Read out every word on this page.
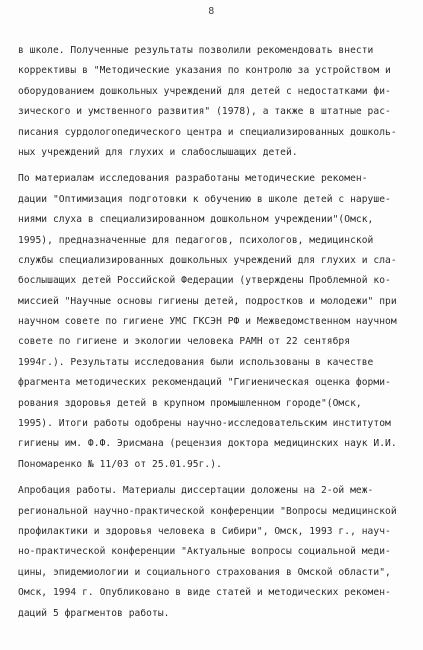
8
в школе. Полученные результаты позволили рекомендовать внести
коррективы в "Методические указания по контролю за устройством и
оборудованием дошкольных учреждений для детей с недостатками фи-
зического и умственного развития" (1978), а также в штатные рас-
писания сурдологопедического центра и специализированных дошколь-
ных учреждений для глухих и слабослышащих детей.
По материалам исследования разработаны методические рекомен-
дации "Оптимизация подготовки к обучению в школе детей с наруше-
ниями слуха в специализированном дошкольном учреждении"(Омск,
1995), предназначенные для педагогов, психологов, медицинской
службы специализированных дошкольных учреждений для глухих и сла-
бослышащих детей Российской Федерации (утверждены Проблемной ко-
миссией "Научные основы гигиены детей, подростков и молодежи" при
научном совете по гигиене УМС ГКСЭН РФ и Межведомственном научном
совете по гигиене и экологии человека РАМН от 22 сентября
1994г.). Результаты исследования были использованы в качестве
фрагмента методических рекомендаций "Гигиеническая оценка форми-
рования здоровья детей в крупном промышленном городе"(Омск,
1995). Итоги работы одобрены научно-исследовательским институтом
гигиены им. Ф.Ф. Эрисмана (рецензия доктора медицинских наук И.И.
Пономаренко № 11/03 от 25.01.95г.).
Апробация работы. Материалы диссертации доложены на 2-ой меж-
региональной научно-практической конференции "Вопросы медицинской
профилактики и здоровья человека в Сибири", Омск, 1993 г., науч-
но-практической конференции "Актуальные вопросы социальной меди-
цины, эпидемиологии и социального страхования в Омской области",
Омск, 1994 г. Опубликовано в виде статей и методических рекомен-
даций 5 фрагментов работы.
